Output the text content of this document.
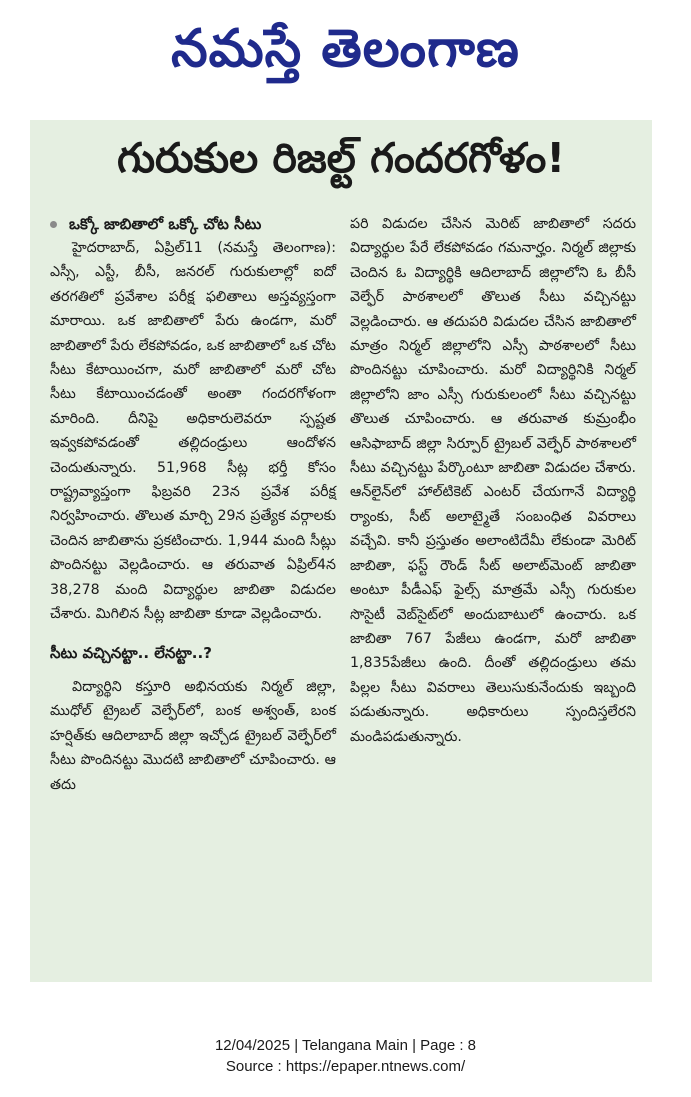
నమస్తే తెలంగాణ
గురుకుల రిజల్ట్ గందరగోళం!
ఒక్కో జాబితాలో ఒక్కో చోట సీటు

హైదరాబాద్, ఏప్రిల్11 (నమస్తే తెలంగాణ): ఎస్సీ, ఎస్టీ, బీసీ, జనరల్ గురుకులాల్లో ఐదో తరగతిలో ప్రవేశాల పరీక్ష ఫలితాలు అస్తవ్యస్తంగా మారాయి. ఒక జాబితాలో పేరు ఉండగా, మరో జాబితాలో పేరు లేకపోవడం, ఒక జాబితాలో ఒక చోట సీటు కేటాయించగా, మరో జాబితాలో మరో చోట సీటు కేటాయించడంతో అంతా గందరగోళంగా మారింది. దీనిపై అధికారులెవరూ స్పష్టత ఇవ్వకపోవడంతో తల్లిదండ్రులు ఆందోళన చెందుతున్నారు. 51,968 సీట్ల భర్తీ కోసం రాష్ట్రవ్యాప్తంగా ఫిబ్రవరి 23న ప్రవేశ పరీక్ష నిర్వహించారు. తొలుత మార్చి 29న ప్రత్యేక వర్గాలకు చెందిన జాబితాను ప్రకటించారు. 1,944 మంది సీట్లు పొందినట్టు వెల్లడించారు. ఆ తరువాత ఏప్రిల్4న 38,278 మంది విద్యార్థుల జాబితా విడుదల చేశారు. మిగిలిన సీట్ల జాబితా కూడా వెల్లడించారు.

సీటు వచ్చినట్టా.. లేనట్టా..?

విద్యార్థిని కస్తూరి అభినయకు నిర్మల్ జిల్లా, ముధోల్ ట్రైబల్ వెల్ఫేర్‌లో, బంక అశ్వంత్, బంక హర్షిత్‌కు ఆదిలాబాద్ జిల్లా ఇచ్చోడ ట్రైబల్ వెల్ఫేర్‌లో సీటు పొందినట్టు మొదటి జాబితాలో చూపించారు. ఆ తదు

పరి విడుదల చేసిన మెరిట్ జాబితాలో సదరు విద్యార్థుల పేరే లేకపోవడం గమనార్హం. నిర్మల్ జిల్లాకు చెందిన ఓ విద్యార్థికి ఆదిలాబాద్ జిల్లాలోని ఓ బీసీ వెల్ఫేర్ పాఠశాలలో తొలుత సీటు వచ్చినట్టు వెల్లడించారు. ఆ తదుపరి విడుదల చేసిన జాబితాలో మాత్రం నిర్మల్ జిల్లాలోని ఎస్సీ పాఠశాలలో సీటు పొందినట్టు చూపించారు. మరో విద్యార్థినికి నిర్మల్ జిల్లాలోని జాం ఎస్సీ గురుకులంలో సీటు వచ్చినట్టు తొలుత చూపించారు. ఆ తరువాత కుమ్రంభీం ఆసిఫాబాద్ జిల్లా సిర్పూర్ ట్రైబల్ వెల్ఫేర్ పాఠశాలలో సీటు వచ్చినట్టు పేర్కొంటూ జాబితా విడుదల చేశారు. ఆన్‌లైన్‌లో హాల్‌టికెట్ ఎంటర్ చేయగానే విద్యార్థి ర్యాంకు, సీట్ అలాట్మైతే సంబంధిత వివరాలు వచ్చేవి. కానీ ప్రస్తుతం అలాంటిదేమీ లేకుండా మెరిట్ జాబితా, ఫస్ట్ రౌండ్ సీట్ అలాట్‌మెంట్ జాబితా అంటూ పీడీఎఫ్ ఫైల్స్ మాత్రమే ఎస్సీ గురుకుల సొసైటీ వెబ్‌సైట్‌లో అందుబాటులో ఉంచారు. ఒక జాబితా 767 పేజీలు ఉండగా, మరో జాబితా 1,835పేజీలు ఉంది. దీంతో తల్లిదండ్రులు తమ పిల్లల సీటు వివరాలు తెలుసుకునేందుకు ఇబ్బంది పడుతున్నారు. అధికారులు స్పందిస్తలేరని మండిపడుతున్నారు.

12/04/2025 | Telangana Main | Page : 8
Source : https://epaper.ntnews.com/
